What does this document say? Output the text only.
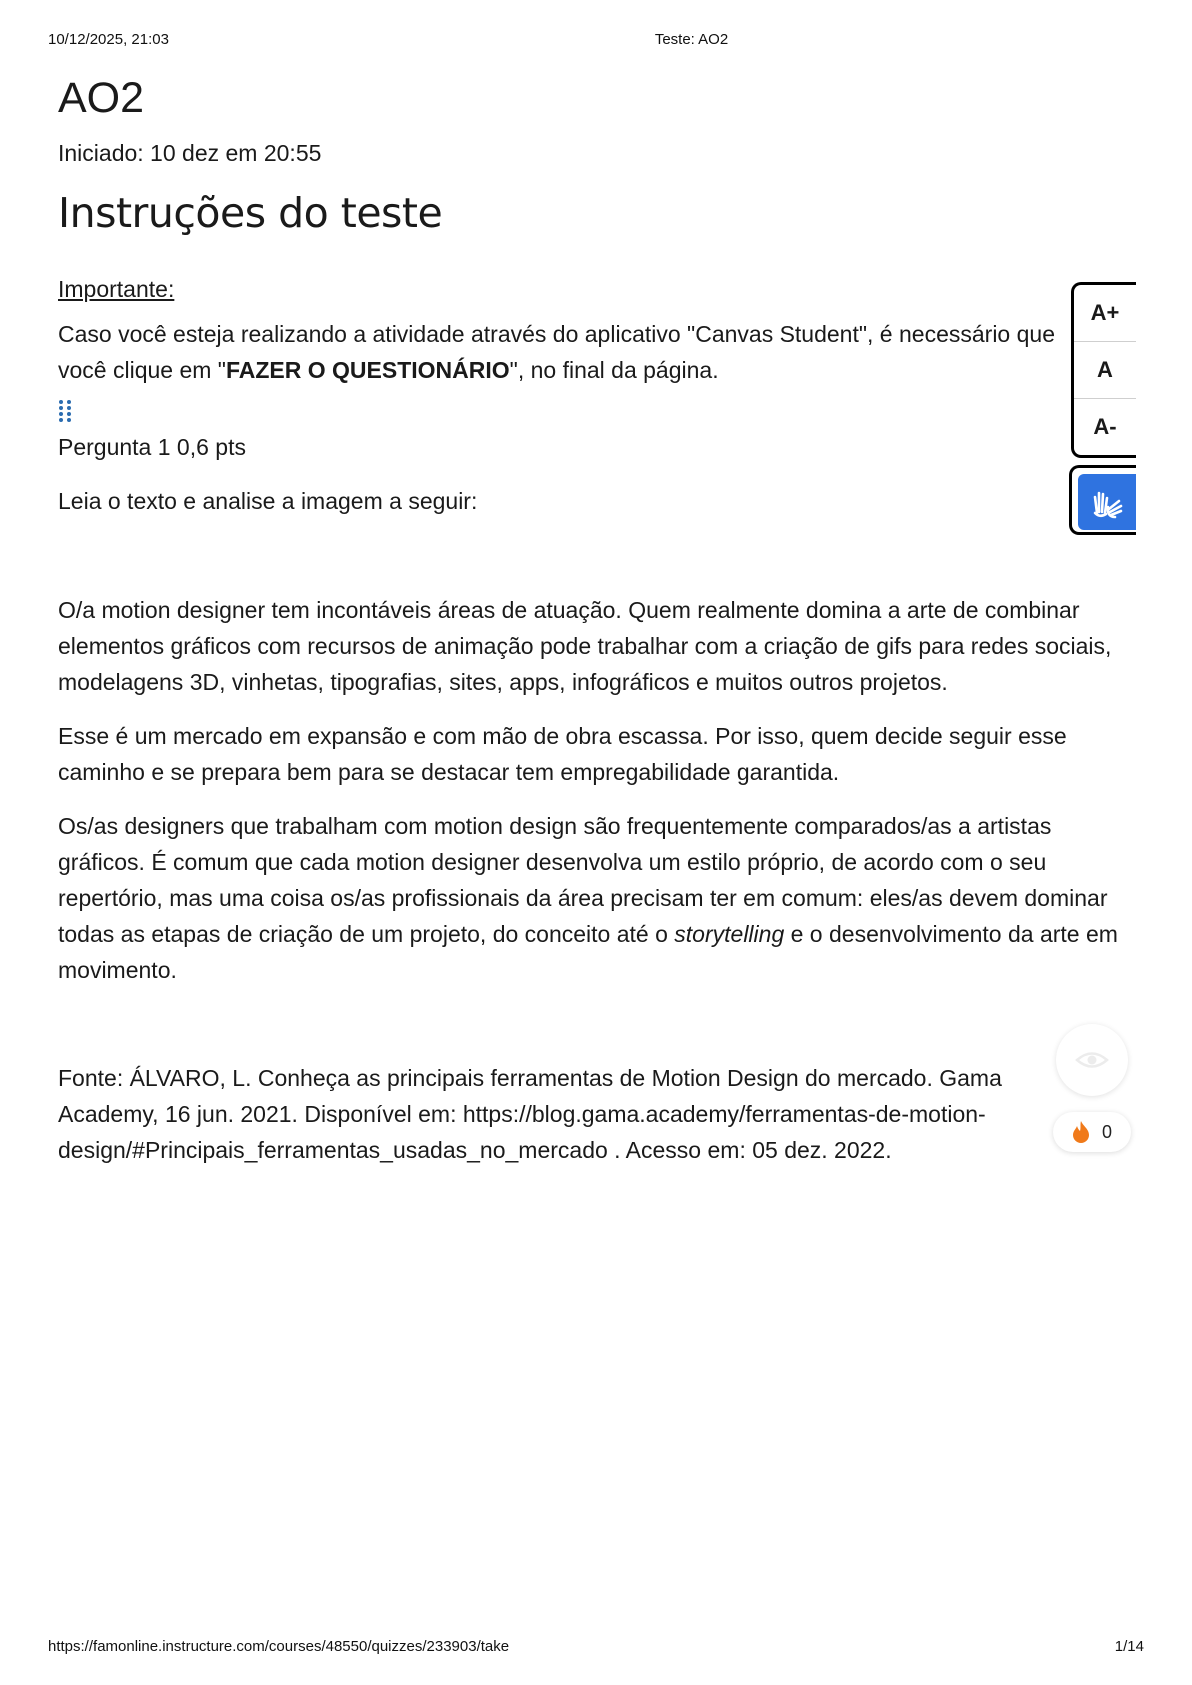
10/12/2025, 21:03	Teste: AO2
AO2
Iniciado: 10 dez em 20:55
Instruções do teste
Importante:
Caso você esteja realizando a atividade através do aplicativo "Canvas Student", é necessário que
você clique em "FAZER O QUESTIONÁRIO", no final da página.
Pergunta 1 0,6 pts
Leia o texto e analise a imagem a seguir:

O/a motion designer tem incontáveis áreas de atuação. Quem realmente domina a arte de combinar elementos gráficos com recursos de animação pode trabalhar com a criação de gifs para redes sociais, modelagens 3D, vinhetas, tipografias, sites, apps, infográficos e muitos outros projetos.

Esse é um mercado em expansão e com mão de obra escassa. Por isso, quem decide seguir esse caminho e se prepara bem para se destacar tem empregabilidade garantida.

Os/as designers que trabalham com motion design são frequentemente comparados/as a artistas gráficos. É comum que cada motion designer desenvolva um estilo próprio, de acordo com o seu repertório, mas uma coisa os/as profissionais da área precisam ter em comum: eles/as devem dominar todas as etapas de criação de um projeto, do conceito até o storytelling e o desenvolvimento da arte em movimento.

Fonte: ÁLVARO, L. Conheça as principais ferramentas de Motion Design do mercado. Gama Academy, 16 jun. 2021. Disponível em: https://blog.gama.academy/ferramentas-de-motion-design/#Principais_ferramentas_usadas_no_mercado . Acesso em: 05 dez. 2022.

A+
A
A-
0
https://famonline.instructure.com/courses/48550/quizzes/233903/take	1/14
